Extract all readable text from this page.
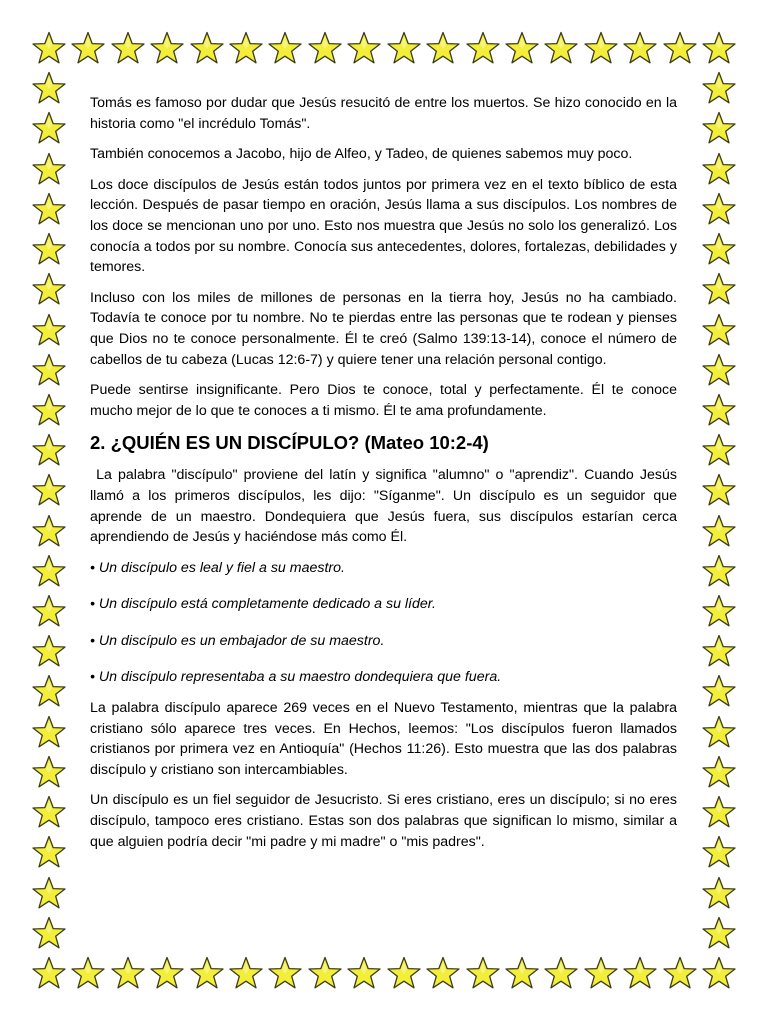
Tomás es famoso por dudar que Jesús resucitó de entre los muertos. Se hizo conocido en la historia como "el incrédulo Tomás".

También conocemos a Jacobo, hijo de Alfeo, y Tadeo, de quienes sabemos muy poco.

Los doce discípulos de Jesús están todos juntos por primera vez en el texto bíblico de esta lección. Después de pasar tiempo en oración, Jesús llama a sus discípulos. Los nombres de los doce se mencionan uno por uno. Esto nos muestra que Jesús no solo los generalizó. Los conocía a todos por su nombre. Conocía sus antecedentes, dolores, fortalezas, debilidades y temores.

Incluso con los miles de millones de personas en la tierra hoy, Jesús no ha cambiado. Todavía te conoce por tu nombre. No te pierdas entre las personas que te rodean y pienses que Dios no te conoce personalmente. Él te creó (Salmo 139:13-14), conoce el número de cabellos de tu cabeza (Lucas 12:6-7) y quiere tener una relación personal contigo.

Puede sentirse insignificante. Pero Dios te conoce, total y perfectamente. Él te conoce mucho mejor de lo que te conoces a ti mismo. Él te ama profundamente.

2. ¿QUIÉN ES UN DISCÍPULO? (Mateo 10:2-4)

La palabra "discípulo" proviene del latín y significa "alumno" o "aprendiz". Cuando Jesús llamó a los primeros discípulos, les dijo: "Síganme". Un discípulo es un seguidor que aprende de un maestro. Dondequiera que Jesús fuera, sus discípulos estarían cerca aprendiendo de Jesús y haciéndose más como Él.

• Un discípulo es leal y fiel a su maestro.

• Un discípulo está completamente dedicado a su líder.

• Un discípulo es un embajador de su maestro.

• Un discípulo representaba a su maestro dondequiera que fuera.

La palabra discípulo aparece 269 veces en el Nuevo Testamento, mientras que la palabra cristiano sólo aparece tres veces. En Hechos, leemos: "Los discípulos fueron llamados cristianos por primera vez en Antioquía" (Hechos 11:26). Esto muestra que las dos palabras discípulo y cristiano son intercambiables.

Un discípulo es un fiel seguidor de Jesucristo. Si eres cristiano, eres un discípulo; si no eres discípulo, tampoco eres cristiano. Estas son dos palabras que significan lo mismo, similar a que alguien podría decir "mi padre y mi madre" o "mis padres".
